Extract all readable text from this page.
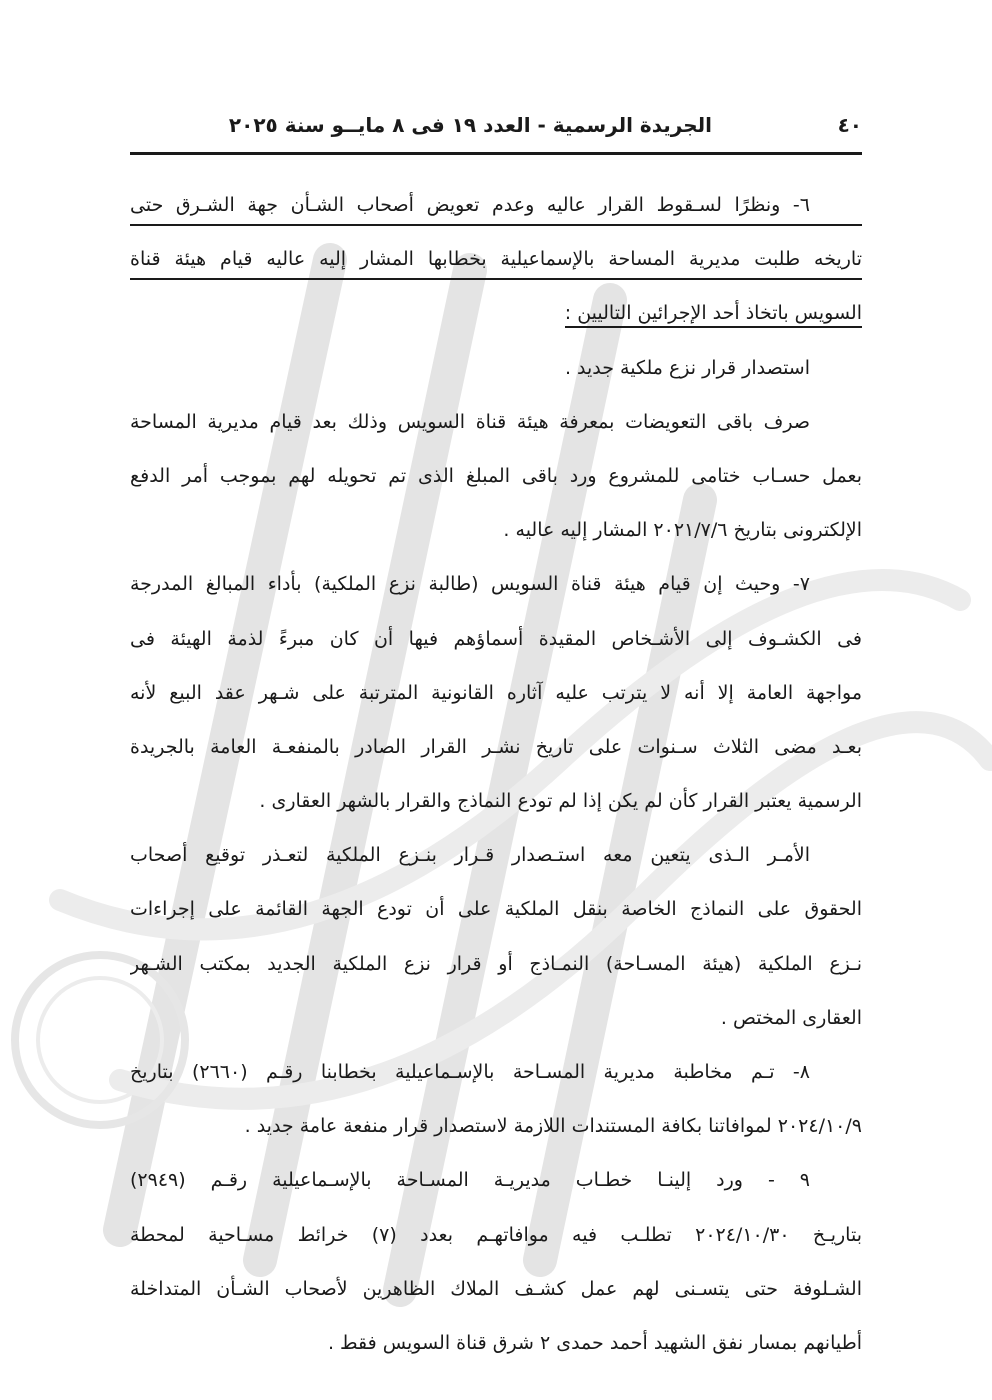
٤٠
الجريدة الرسمية - العدد ١٩ فى ٨ مايــو سنة ٢٠٢٥
٦- ونظرًا لسـقوط القرار عاليه وعدم تعويض أصحاب الشـأن جهة الشـرق حتى
تاريخه طلبت مديرية المساحة بالإسماعيلية بخطابها المشار إليه عاليه قيام هيئة قناة
السويس باتخاذ أحد الإجرائين التاليين :
استصدار قرار نزع ملكية جديد .
صرف باقى التعويضات بمعرفة هيئة قناة السويس وذلك بعد قيام مديرية المساحة
بعمل حسـاب ختامى للمشروع ورد باقى المبلغ الذى تم تحويله لهم بموجب أمر الدفع
الإلكترونى بتاريخ ٢٠٢١/٧/٦ المشار إليه عاليه .
٧- وحيث إن قيام هيئة قناة السويس (طالبة نزع الملكية) بأداء المبالغ المدرجة
فى الكشـوف إلى الأشـخاص المقيدة أسماؤهم فيها أن كان مبرءً لذمة الهيئة فى
مواجهة العامة إلا أنه لا يترتب عليه آثاره القانونية المترتبة على شـهر عقد البيع لأنه
بعـد مضى الثلاث سـنوات على تاريخ نشـر القرار الصادر بالمنفعـة العامة بالجريدة
الرسمية يعتبر القرار كأن لم يكن إذا لم تودع النماذج والقرار بالشهر العقارى .
الأمـر الـذى يتعين معه استـصدار قـرار بنـزع الملكية لتعـذر توقيع أصحاب
الحقوق على النماذج الخاصة بنقل الملكية على أن تودع الجهة القائمة على إجراءات
نـزع الملكية (هيئة المسـاحة) النمـاذج أو قرار نزع الملكية الجديد بمكتب الشـهر
العقارى المختص .
٨- تـم مخاطبة مديرية المسـاحة بالإسـماعيلية بخطابنا رقـم (٢٦٦٠) بتاريخ
٢٠٢٤/١٠/٩ لموافاتنا بكافة المستندات اللازمة لاستصدار قرار منفعة عامة جديد .
٩ - ورد إلينـا خطـاب مديريـة المسـاحة بالإسـماعيلية رقـم (٢٩٤٩)
بتاريـخ ٢٠٢٤/١٠/٣٠ تطلـب فيه موافاتهـم بعدد (٧) خرائط مسـاحية لمحطة
الشـلوفة حتى يتسـنى لهم عمل كشـف الملاك الظاهرين لأصحاب الشـأن المتداخلة
أطيانهم بمسار نفق الشهيد أحمد حمدى ٢ شرق قناة السويس فقط .
